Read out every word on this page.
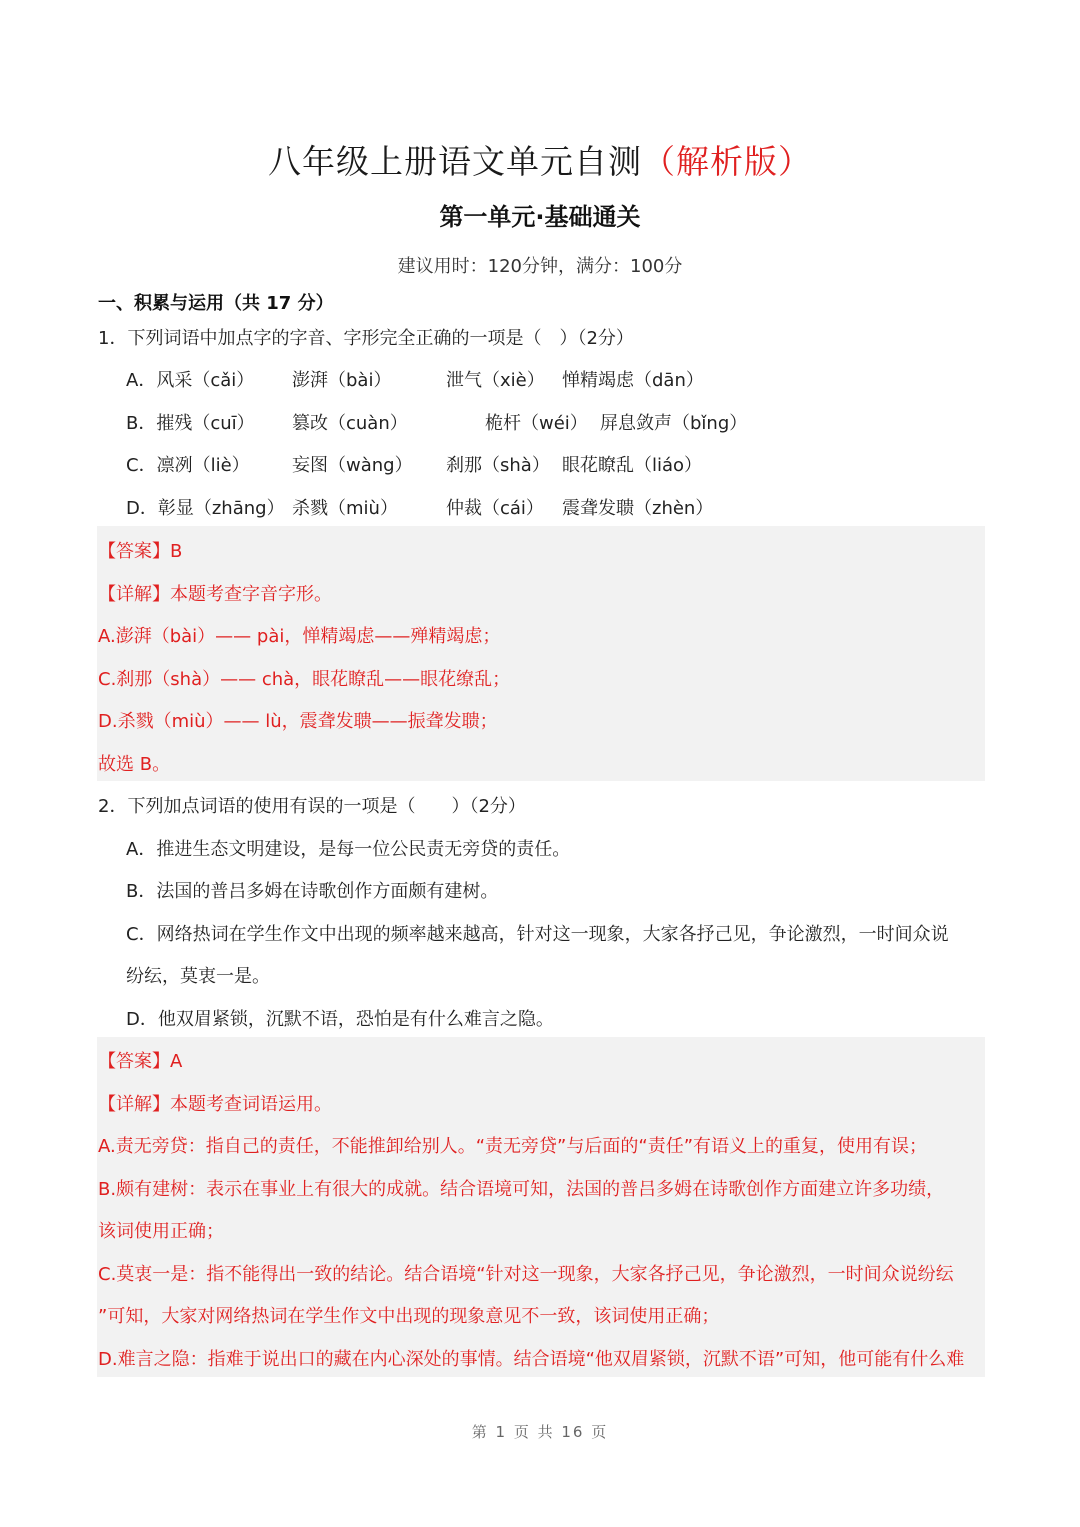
八年级上册语文单元自测（解析版）
第一单元·基础通关
建议用时：120分钟，满分：100分
一、积累与运用（共 17 分）
1．下列词语中加点字的字音、字形完全正确的一项是（　）（2分）
A．风采（cǎi） 澎湃（bài）	泄气（xiè） 惮精竭虑（dān）
B．摧残（cuī） 篡改（cuàn）	桅杆（wéi） 屏息敛声（bǐng）
C．凛冽（liè） 妄图（wàng） 刹那（shà） 眼花瞭乱（liáo）
D．彰显（zhāng） 杀戮（miù）	仲裁（cái） 震聋发聩（zhèn）
【答案】B
【详解】本题考查字音字形。
A.澎湃（bài）—— pài，惮精竭虑——殚精竭虑；
C.刹那（shà）—— chà，眼花瞭乱——眼花缭乱；
D.杀戮（miù）—— lù，震聋发聩——振聋发聩；
故选 B。
2．下列加点词语的使用有误的一项是（　　）（2分）
A．推进生态文明建设，是每一位公民责无旁贷的责任。
B．法国的普吕多姆在诗歌创作方面颇有建树。
C．网络热词在学生作文中出现的频率越来越高，针对这一现象，大家各抒己见，争论激烈，一时间众说
纷纭，莫衷一是。
D．他双眉紧锁，沉默不语，恐怕是有什么难言之隐。
【答案】A
【详解】本题考查词语运用。
A.责无旁贷：指自己的责任，不能推卸给别人。“责无旁贷”与后面的“责任”有语义上的重复，使用有误；
B.颇有建树：表示在事业上有很大的成就。结合语境可知，法国的普吕多姆在诗歌创作方面建立许多功绩，
该词使用正确；
C.莫衷一是：指不能得出一致的结论。结合语境“针对这一现象，大家各抒己见，争论激烈，一时间众说纷纭
”可知，大家对网络热词在学生作文中出现的现象意见不一致，该词使用正确；
D.难言之隐：指难于说出口的藏在内心深处的事情。结合语境“他双眉紧锁，沉默不语”可知，他可能有什么难
第 1 页 共 16 页
